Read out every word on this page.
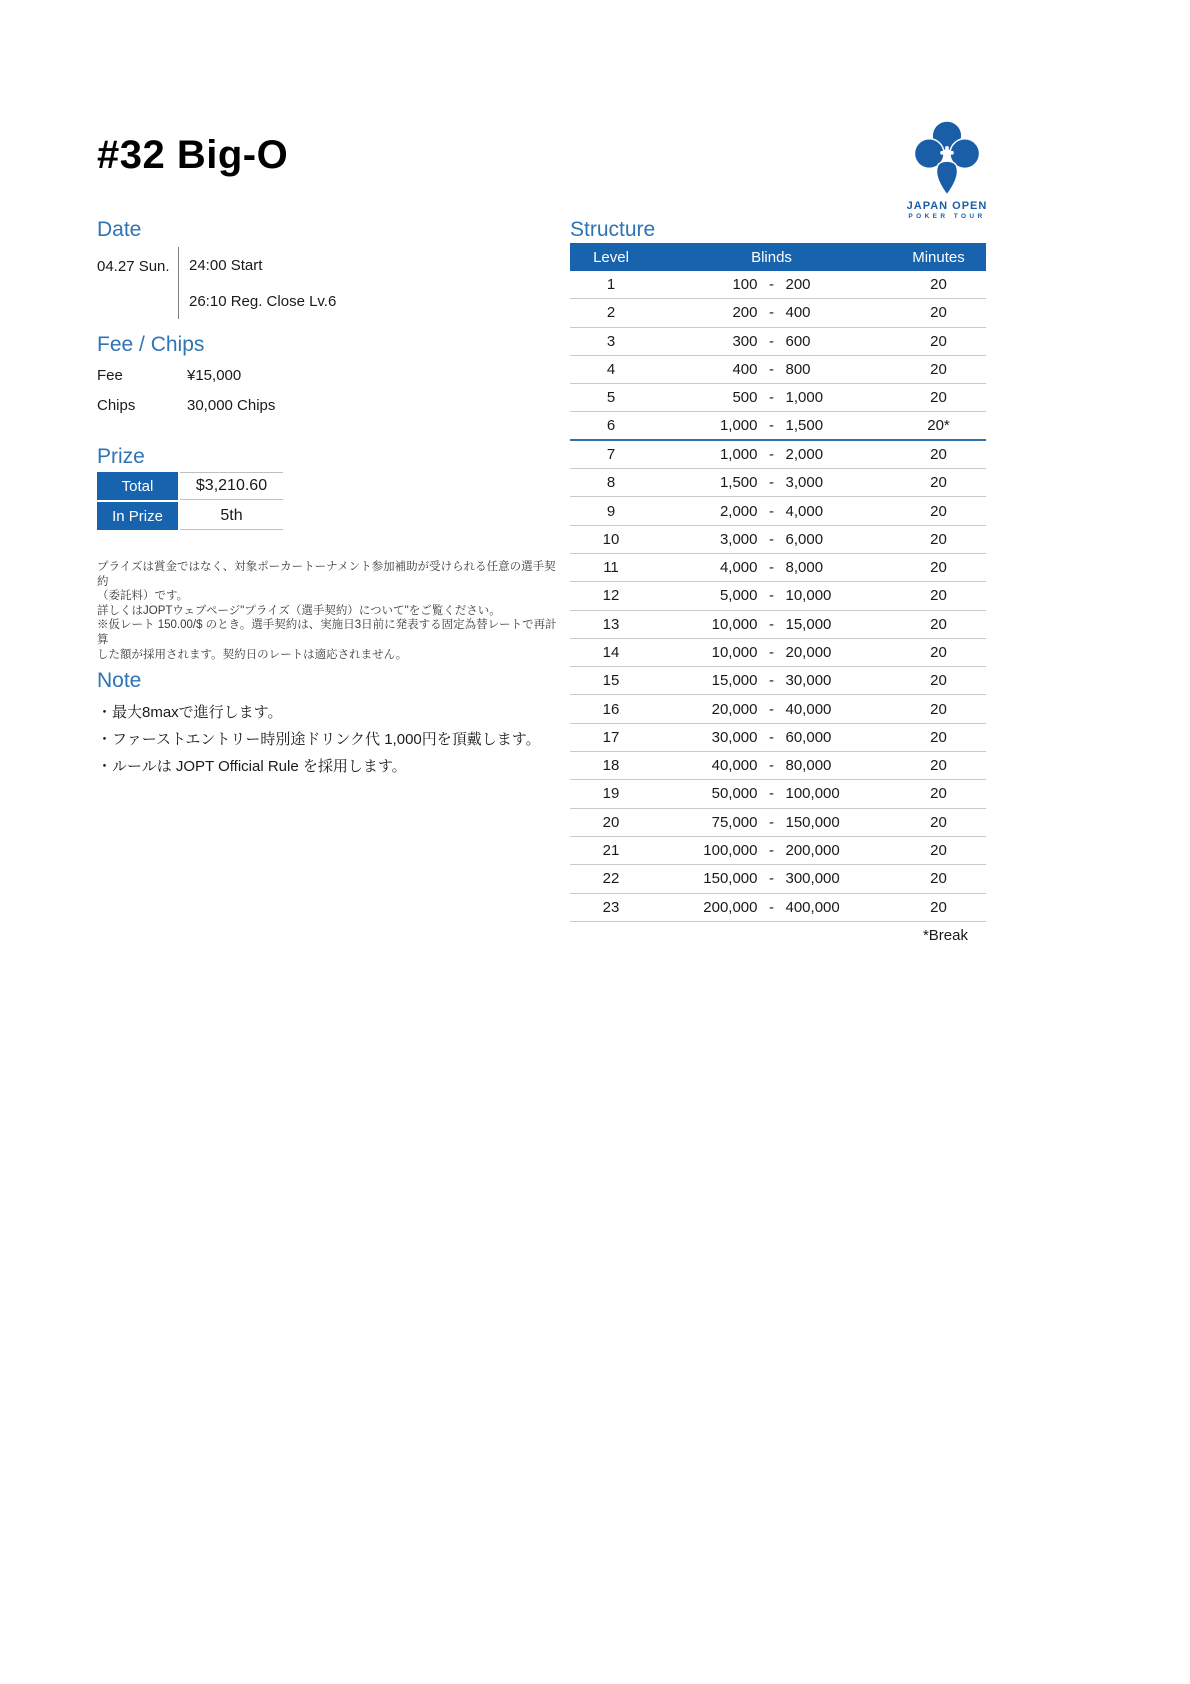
#32 Big-O
JAPAN OPEN
POKER TOUR
Date
04.27 Sun.	24:00 Start
26:10 Reg. Close Lv.6
Fee / Chips
Fee	¥15,000
Chips	30,000 Chips
Prize
Total	$3,210.60
In Prize	5th
プライズは賞金ではなく、対象ポーカートーナメント参加補助が受けられる任意の選手契約
（委託料）です。
詳しくはJOPTウェブページ"プライズ（選手契約）について"をご覧ください。
※仮レート 150.00/$ のとき。選手契約は、実施日3日前に発表する固定為替レートで再計算
した額が採用されます。契約日のレートは適応されません。
Note
・最大8maxで進行します。
・ファーストエントリー時別途ドリンク代 1,000円を頂戴します。
・ルールは JOPT Official Rule を採用します。
Structure
Level	Blinds	Minutes
1	100 - 200	20
2	200 - 400	20
3	300 - 600	20
4	400 - 800	20
5	500 - 1,000	20
6	1,000 - 1,500	20*
7	1,000 - 2,000	20
8	1,500 - 3,000	20
9	2,000 - 4,000	20
10	3,000 - 6,000	20
11	4,000 - 8,000	20
12	5,000 - 10,000	20
13	10,000 - 15,000	20
14	10,000 - 20,000	20
15	15,000 - 30,000	20
16	20,000 - 40,000	20
17	30,000 - 60,000	20
18	40,000 - 80,000	20
19	50,000 - 100,000	20
20	75,000 - 150,000	20
21	100,000 - 200,000	20
22	150,000 - 300,000	20
23	200,000 - 400,000	20
*Break
